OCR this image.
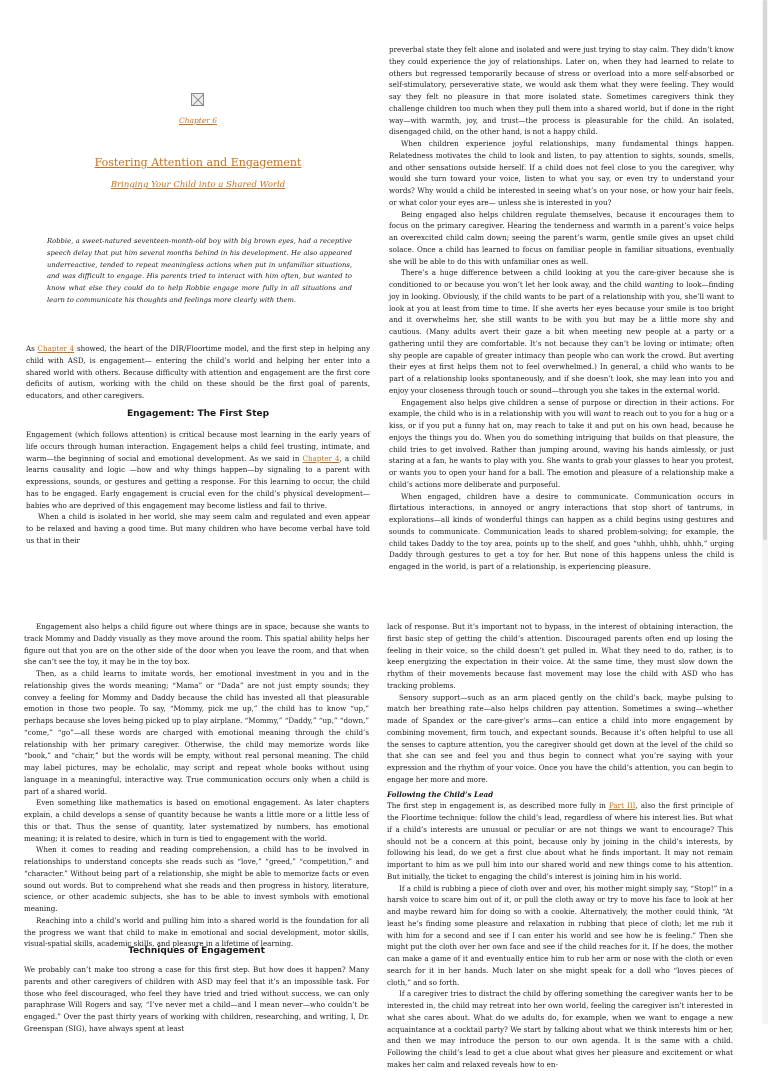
Chapter 6
Fostering Attention and Engagement
Bringing Your Child into a Shared World
Robbie, a sweet-natured seventeen-month-old boy with big brown eyes, had a receptive speech delay that put him several months behind in his development. He also appeared underreactive, tended to repeat meaningless actions when put in unfamiliar situations, and was difficult to engage. His parents tried to interact with him often, but wanted to know what else they could do to help Robbie engage more fully in all situations and learn to communicate his thoughts and feelings more clearly with them.

As Chapter 4 showed, the heart of the DIR/Floortime model, and the first step in helping any child with ASD, is engagement— entering the child’s world and helping her enter into a shared world with others. Because difficulty with attention and engagement are the first core deficits of autism, working with the child on these should be the first goal of parents, educators, and other caregivers.

Engagement: The First Step

Engagement (which follows attention) is critical because most learning in the early years of life occurs through human interaction. Engagement helps a child feel trusting, intimate, and warm—the beginning of social and emotional development. As we said in Chapter 4, a child learns causality and logic —how and why things happen—by signaling to a parent with expressions, sounds, or gestures and getting a response. For this learning to occur, the child has to be engaged. Early engagement is crucial even for the child’s physical development—babies who are deprived of this engagement may become listless and fail to thrive.

When a child is isolated in her world, she may seem calm and regulated and even appear to be relaxed and having a good time. But many children who have become verbal have told us that in their

preverbal state they felt alone and isolated and were just trying to stay calm. They didn’t know they could experience the joy of relationships. Later on, when they had learned to relate to others but regressed temporarily because of stress or overload into a more self-absorbed or self-stimulatory, perseverative state, we would ask them what they were feeling. They would say they felt no pleasure in that more isolated state. Sometimes caregivers think they challenge children too much when they pull them into a shared world, but if done in the right way—with warmth, joy, and trust—the process is pleasurable for the child. An isolated, disengaged child, on the other hand, is not a happy child.

When children experience joyful relationships, many fundamental things happen. Relatedness motivates the child to look and listen, to pay attention to sights, sounds, smells, and other sensations outside herself. If a child does not feel close to you the caregiver, why would she turn toward your voice, listen to what you say, or even try to understand your words? Why would a child be interested in seeing what’s on your nose, or how your hair feels, or what color your eyes are— unless she is interested in you?

Being engaged also helps children regulate themselves, because it encourages them to focus on the primary caregiver. Hearing the tenderness and warmth in a parent’s voice helps an overexcited child calm down; seeing the parent’s warm, gentle smile gives an upset child solace. Once a child has learned to focus on familiar people in familiar situations, eventually she will be able to do this with unfamiliar ones as well.

There’s a huge difference between a child looking at you the care-giver because she is conditioned to or because you won’t let her look away, and the child wanting to look—finding joy in looking. Obviously, if the child wants to be part of a relationship with you, she’ll want to look at you at least from time to time. If she averts her eyes because your smile is too bright and it overwhelms her, she still wants to be with you but may be a little more shy and cautious. (Many adults avert their gaze a bit when meeting new people at a party or a gathering until they are comfortable. It’s not because they can’t be loving or intimate; often shy people are capable of greater intimacy than people who can work the crowd. But averting their eyes at first helps them not to feel overwhelmed.) In general, a child who wants to be part of a relationship looks spontaneously, and if she doesn’t look, she may lean into you and enjoy your closeness through touch or sound—through you she takes in the external world.

Engagement also helps give children a sense of purpose or direction in their actions. For example, the child who is in a relationship with you will want to reach out to you for a hug or a kiss, or if you put a funny hat on, may reach to take it and put on his own head, because he enjoys the things you do. When you do something intriguing that builds on that pleasure, the child tries to get involved. Rather than jumping around, waving his hands aimlessly, or just staring at a fan, he wants to play with you. She wants to grab your glasses to hear you protest, or wants you to open your hand for a ball. The emotion and pleasure of a relationship make a child’s actions more deliberate and purposeful.

When engaged, children have a desire to communicate. Communication occurs in flirtatious interactions, in annoyed or angry interactions that stop short of tantrums, in explorations—all kinds of wonderful things can happen as a child begins using gestures and sounds to communicate. Communication leads to shared problem-solving; for example, the child takes Daddy to the toy area, points up to the shelf, and goes “uhhh, uhhh, uhhh,” urging Daddy through gestures to get a toy for her. But none of this happens unless the child is engaged in the world, is part of a relationship, is experiencing pleasure.

Engagement also helps a child figure out where things are in space, because she wants to track Mommy and Daddy visually as they move around the room. This spatial ability helps her figure out that you are on the other side of the door when you leave the room, and that when she can’t see the toy, it may be in the toy box.

Then, as a child learns to imitate words, her emotional investment in you and in the relationship gives the words meaning; “Mama” or “Dada” are not just empty sounds; they convey a feeling for Mommy and Daddy because the child has invested all that pleasurable emotion in those two people. To say, “Mommy, pick me up,” the child has to know “up,” perhaps because she loves being picked up to play airplane. “Mommy,” “Daddy,” “up,” “down,” “come,” “go”—all these words are charged with emotional meaning through the child’s relationship with her primary caregiver. Otherwise, the child may memorize words like “book,” and “chair,” but the words will be empty, without real personal meaning. The child may label pictures, may be echolalic, may script and repeat whole books without using language in a meaningful, interactive way. True communication occurs only when a child is part of a shared world.

Even something like mathematics is based on emotional engagement. As later chapters explain, a child develops a sense of quantity because he wants a little more or a little less of this or that. Thus the sense of quantity, later systematized by numbers, has emotional meaning; it is related to desire, which in turn is tied to engagement with the world.

When it comes to reading and reading comprehension, a child has to be involved in relationships to understand concepts she reads such as “love,” “greed,” “competition,” and “character.” Without being part of a relationship, she might be able to memorize facts or even sound out words. But to comprehend what she reads and then progress in history, literature, science, or other academic subjects, she has to be able to invest symbols with emotional meaning.

Reaching into a child’s world and pulling him into a shared world is the foundation for all the progress we want that child to make in emotional and social development, motor skills, visual-spatial skills, academic skills, and pleasure in a lifetime of learning.

Techniques of Engagement

We probably can’t make too strong a case for this first step. But how does it happen? Many parents and other caregivers of children with ASD may feel that it’s an impossible task. For those who feel discouraged, who feel they have tried and tried without success, we can only paraphrase Will Rogers and say, “I’ve never met a child—and I mean never—who couldn’t be engaged.” Over the past thirty years of working with children, researching, and writing, I, Dr. Greenspan (SIG), have always spent at least

lack of response. But it’s important not to bypass, in the interest of obtaining interaction, the first basic step of getting the child’s attention. Discouraged parents often end up losing the feeling in their voice, so the child doesn’t get pulled in. What they need to do, rather, is to keep energizing the expectation in their voice. At the same time, they must slow down the rhythm of their movements because fast movement may lose the child with ASD who has tracking problems.

Sensory support—such as an arm placed gently on the child’s back, maybe pulsing to match her breathing rate—also helps children pay attention. Sometimes a swing—whether made of Spandex or the care-giver’s arms—can entice a child into more engagement by combining movement, firm touch, and expectant sounds. Because it’s often helpful to use all the senses to capture attention, you the caregiver should get down at the level of the child so that she can see and feel you and thus begin to connect what you’re saying with your expression and the rhythm of your voice. Once you have the child’s attention, you can begin to engage her more and more.

Following the Child’s Lead

The first step in engagement is, as described more fully in Part III, also the first principle of the Floortime technique: follow the child’s lead, regardless of where his interest lies. But what if a child’s interests are unusual or peculiar or are not things we want to encourage? This should not be a concern at this point, because only by joining in the child’s interests, by following his lead, do we get a first clue about what he finds important. It may not remain important to him as we pull him into our shared world and new things come to his attention. But initially, the ticket to engaging the child’s interest is joining him in his world.

If a child is rubbing a piece of cloth over and over, his mother might simply say, “Stop!” in a harsh voice to scare him out of it, or pull the cloth away or try to move his face to look at her and maybe reward him for doing so with a cookie. Alternatively, the mother could think, “At least he’s finding some pleasure and relaxation in rubbing that piece of cloth; let me rub it with him for a second and see if I can enter his world and see how he is feeling.” Then she might put the cloth over her own face and see if the child reaches for it. If he does, the mother can make a game of it and eventually entice him to rub her arm or nose with the cloth or even search for it in her hands. Much later on she might speak for a doll who “loves pieces of cloth,” and so forth.

If a caregiver tries to distract the child by offering something the caregiver wants her to be interested in, the child may retreat into her own world, feeling the caregiver isn’t interested in what she cares about. What do we adults do, for example, when we want to engage a new acquaintance at a cocktail party? We start by talking about what we think interests him or her, and then we may introduce the person to our own agenda. It is the same with a child. Following the child’s lead to get a clue about what gives her pleasure and excitement or what makes her calm and relaxed reveals how to en-
